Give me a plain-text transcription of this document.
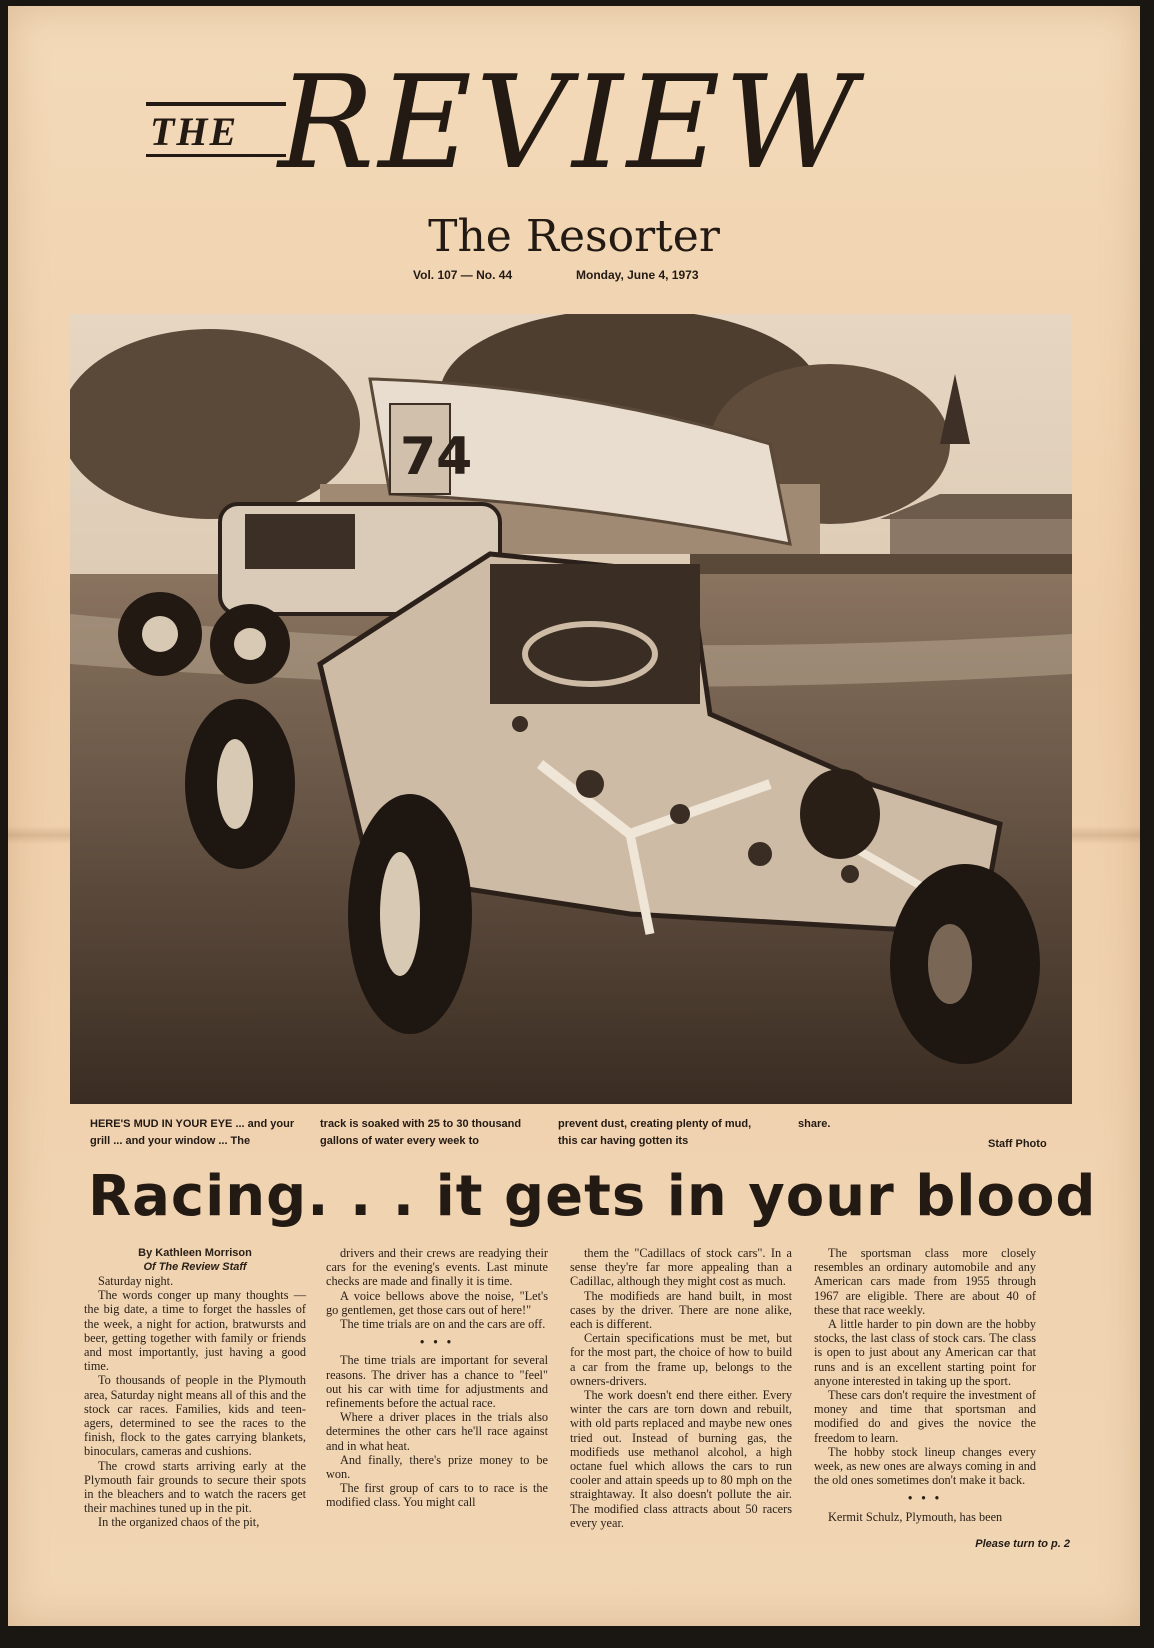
THE REVIEW
The Resorter
Vol. 107 — No. 44	Monday, June 4, 1973
74
HERE'S MUD IN YOUR EYE ... and your grill ... and your window ... The
track is soaked with 25 to 30 thousand gallons of water every week to
prevent dust, creating plenty of mud, this car having gotten its
share.
Staff Photo
Racing. . . it gets in your blood
By Kathleen Morrison
Of The Review Staff

Saturday night.

The words conger up many thoughts — the big date, a time to forget the hassles of the week, a night for action, bratwursts and beer, getting together with family or friends and most importantly, just having a good time.

To thousands of people in the Plymouth area, Saturday night means all of this and the stock car races. Families, kids and teen-agers, determined to see the races to the finish, flock to the gates carrying blankets, binoculars, cameras and cushions.

The crowd starts arriving early at the Plymouth fair grounds to secure their spots in the bleachers and to watch the racers get their machines tuned up in the pit.

In the organized chaos of the pit,

drivers and their crews are readying their cars for the evening's events. Last minute checks are made and finally it is time.

A voice bellows above the noise, "Let's go gentlemen, get those cars out of here!"

The time trials are on and the cars are off.

• • •

The time trials are important for several reasons. The driver has a chance to "feel" out his car with time for adjustments and refinements before the actual race.

Where a driver places in the trials also determines the other cars he'll race against and in what heat.

And finally, there's prize money to be won.

The first group of cars to to race is the modified class. You might call

them the "Cadillacs of stock cars". In a sense they're far more appealing than a Cadillac, although they might cost as much.

The modifieds are hand built, in most cases by the driver. There are none alike, each is different.

Certain specifications must be met, but for the most part, the choice of how to build a car from the frame up, belongs to the owners-drivers.

The work doesn't end there either. Every winter the cars are torn down and rebuilt, with old parts replaced and maybe new ones tried out. Instead of burning gas, the modifieds use methanol alcohol, a high octane fuel which allows the cars to run cooler and attain speeds up to 80 mph on the straightaway. It also doesn't pollute the air. The modified class attracts about 50 racers every year.

The sportsman class more closely resembles an ordinary automobile and any American cars made from 1955 through 1967 are eligible. There are about 40 of these that race weekly.

A little harder to pin down are the hobby stocks, the last class of stock cars. The class is open to just about any American car that runs and is an excellent starting point for anyone interested in taking up the sport.

These cars don't require the investment of money and time that sportsman and modified do and gives the novice the freedom to learn.

The hobby stock lineup changes every week, as new ones are always coming in and the old ones sometimes don't make it back.

• • •

Kermit Schulz, Plymouth, has been

Please turn to p. 2
